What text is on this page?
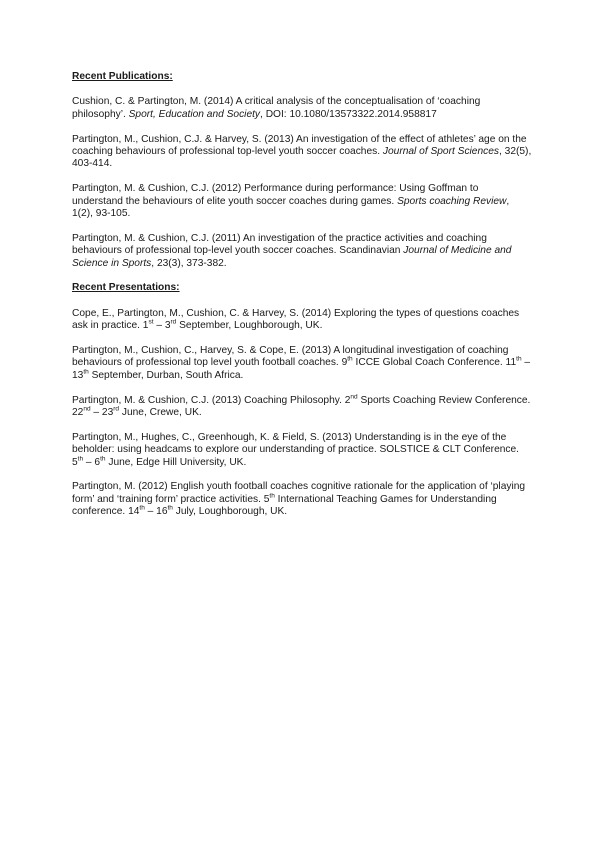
Recent Publications:
Cushion, C. & Partington, M. (2014) A critical analysis of the conceptualisation of ‘coaching philosophy’. Sport, Education and Society, DOI: 10.1080/13573322.2014.958817
Partington, M., Cushion, C.J. & Harvey, S. (2013) An investigation of the effect of athletes’ age on the coaching behaviours of professional top-level youth soccer coaches. Journal of Sport Sciences, 32(5), 403-414.
Partington, M. & Cushion, C.J. (2012) Performance during performance: Using Goffman to understand the behaviours of elite youth soccer coaches during games. Sports coaching Review, 1(2), 93-105.
Partington, M. & Cushion, C.J. (2011) An investigation of the practice activities and coaching behaviours of professional top-level youth soccer coaches. Scandinavian Journal of Medicine and Science in Sports, 23(3), 373-382.
Recent Presentations:
Cope, E., Partington, M., Cushion, C. & Harvey, S. (2014) Exploring the types of questions coaches ask in practice. 1st – 3rd September, Loughborough, UK.
Partington, M., Cushion, C., Harvey, S. & Cope, E. (2013) A longitudinal investigation of coaching behaviours of professional top level youth football coaches. 9th ICCE Global Coach Conference. 11th – 13th September, Durban, South Africa.
Partington, M. & Cushion, C.J. (2013) Coaching Philosophy. 2nd Sports Coaching Review Conference. 22nd – 23rd June, Crewe, UK.
Partington, M., Hughes, C., Greenhough, K. & Field, S. (2013) Understanding is in the eye of the beholder: using headcams to explore our understanding of practice. SOLSTICE & CLT Conference. 5th – 6th June, Edge Hill University, UK.
Partington, M. (2012) English youth football coaches cognitive rationale for the application of ‘playing form’ and ‘training form’ practice activities. 5th International Teaching Games for Understanding conference. 14th – 16th July, Loughborough, UK.
